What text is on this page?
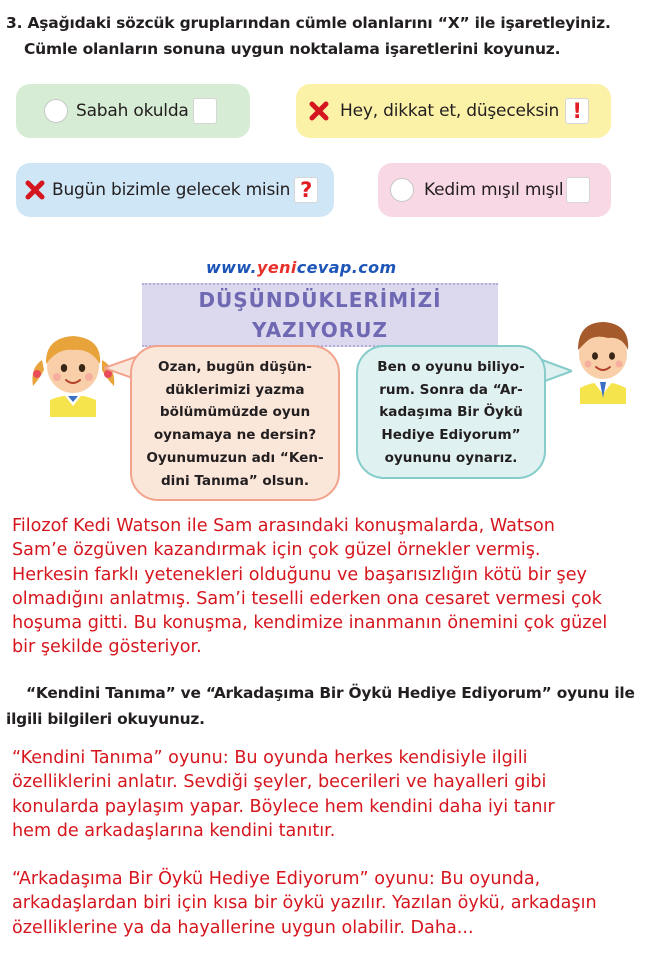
3. Aşağıdaki sözcük gruplarından cümle olanlarını “X” ile işaretleyiniz.
Cümle olanların sonuna uygun noktalama işaretlerini koyunuz.
Sabah okulda	Hey, dikkat et, düşeceksin !
Bugün bizimle gelecek misin ?	Kedim mışıl mışıl
www.yenicevap.com
DÜŞÜNDÜKLERİMİZİ YAZIYORUZ
Ozan, bugün düşün-
düklerimizi yazma
bölümümüzde oyun
oynamaya ne dersin?
Oyunumuzun adı “Ken-
dini Tanıma” olsun.
Ben o oyunu biliyo-
rum. Sonra da “Ar-
kadaşıma Bir Öykü
Hediye Ediyorum”
oyununu oynarız.
Filozof Kedi Watson ile Sam arasındaki konuşmalarda, Watson
Sam’e özgüven kazandırmak için çok güzel örnekler vermiş.
Herkesin farklı yetenekleri olduğunu ve başarısızlığın kötü bir şey
olmadığını anlatmış. Sam’i teselli ederken ona cesaret vermesi çok
hoşuma gitti. Bu konuşma, kendimize inanmanın önemini çok güzel
bir şekilde gösteriyor.
“Kendini Tanıma” ve “Arkadaşıma Bir Öykü Hediye Ediyorum” oyunu ile
ilgili bilgileri okuyunuz.
“Kendini Tanıma” oyunu: Bu oyunda herkes kendisiyle ilgili
özelliklerini anlatır. Sevdiği şeyler, becerileri ve hayalleri gibi
konularda paylaşım yapar. Böylece hem kendini daha iyi tanır
hem de arkadaşlarına kendini tanıtır.
“Arkadaşıma Bir Öykü Hediye Ediyorum” oyunu: Bu oyunda,
arkadaşlardan biri için kısa bir öykü yazılır. Yazılan öykü, arkadaşın
özelliklerine ya da hayallerine uygun olabilir. Daha...
